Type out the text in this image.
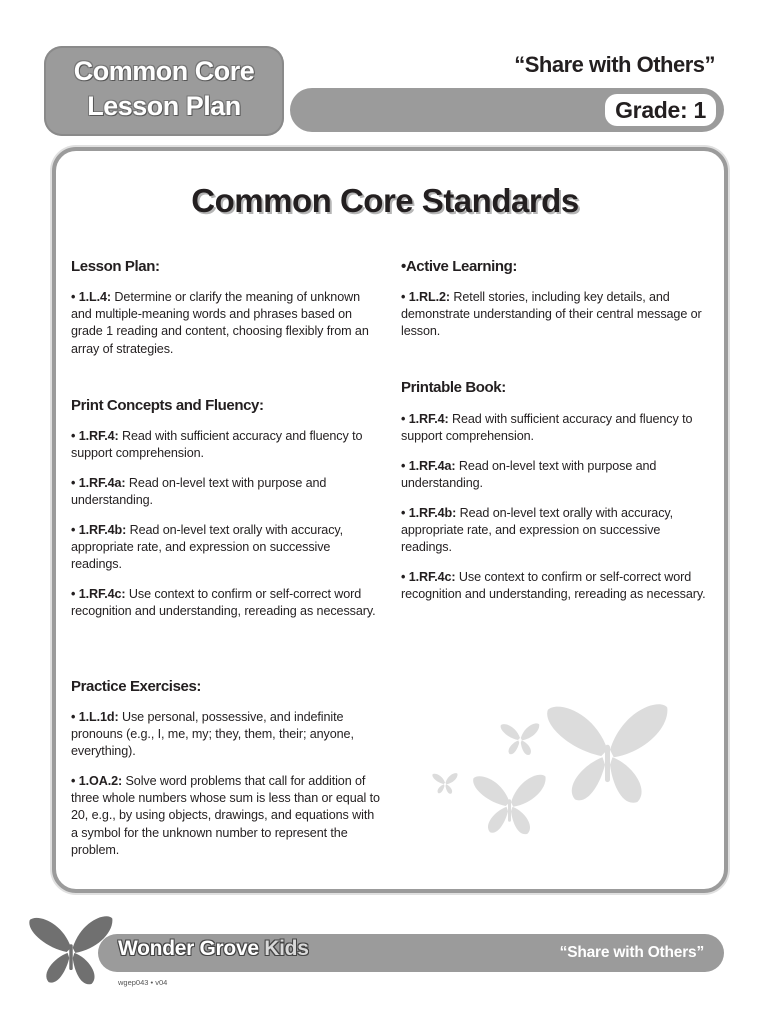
Common Core
Lesson Plan
“Share with Others”
Grade: 1
Common Core Standards
Lesson Plan:
• 1.L.4: Determine or clarify the meaning of unknown and multiple-meaning words and phrases based on grade 1 reading and content, choosing flexibly from an array of strategies.
Print Concepts and Fluency:
• 1.RF.4: Read with sufficient accuracy and fluency to support comprehension.
• 1.RF.4a: Read on-level text with purpose and understanding.
• 1.RF.4b: Read on-level text orally with accuracy, appropriate rate, and expression on successive readings.
• 1.RF.4c: Use context to confirm or self-correct word recognition and understanding, rereading as necessary.
Practice Exercises:
• 1.L.1d: Use personal, possessive, and indefinite pronouns (e.g., I, me, my; they, them, their; anyone, everything).
• 1.OA.2: Solve word problems that call for addition of three whole numbers whose sum is less than or equal to 20, e.g., by using objects, drawings, and equations with a symbol for the unknown number to represent the problem.
•Active Learning:
• 1.RL.2: Retell stories, including key details, and demonstrate understanding of their central message or lesson.
Printable Book:
• 1.RF.4: Read with sufficient accuracy and fluency to support comprehension.
• 1.RF.4a: Read on-level text with purpose and understanding.
• 1.RF.4b: Read on-level text orally with accuracy, appropriate rate, and expression on successive readings.
• 1.RF.4c: Use context to confirm or self-correct word recognition and understanding, rereading as necessary.
Wonder Grove Kids	“Share with Others”
wgep043 • v04
